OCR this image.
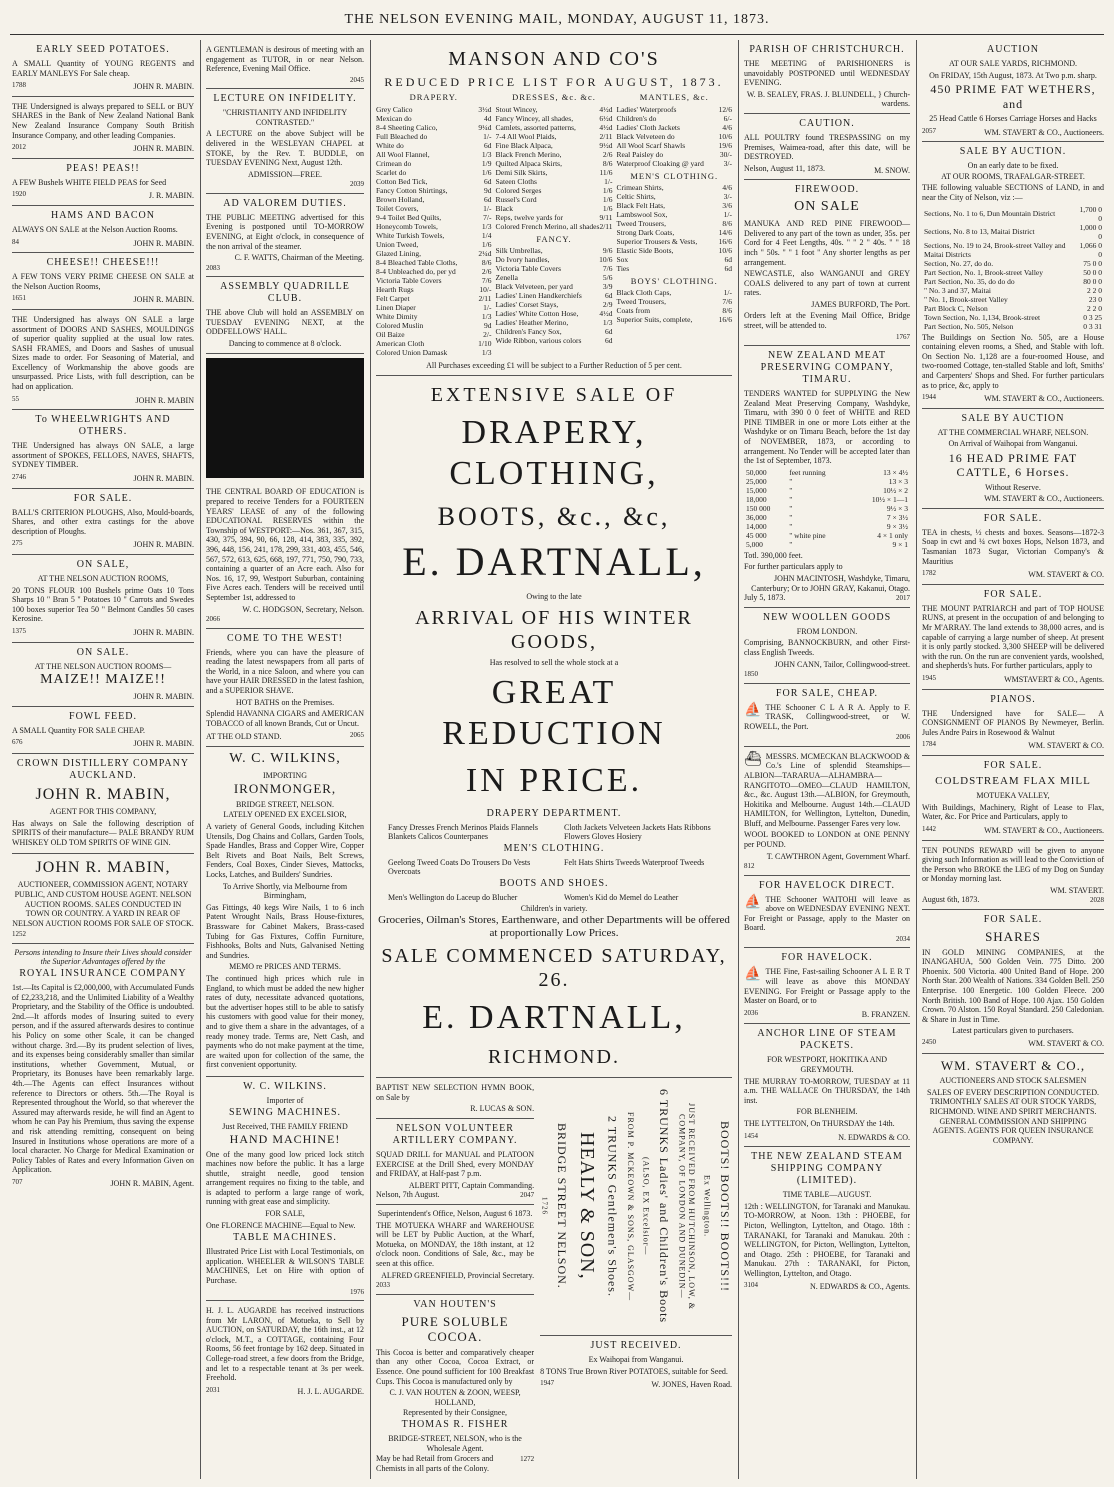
THE NELSON EVENING MAIL, MONDAY, AUGUST 11, 1873.
EARLY SEED POTATOES.
A SMALL Quantity of YOUNG REGENTS and EARLY MANLEYS For Sale cheap.
1788	JOHN R. MABIN.
THE Undersigned is always prepared to SELL or BUY SHARES in the Bank of New Zealand National Bank New Zealand Insurance Company South British Insurance Company, and other leading Companies.
2012	JOHN R. MABIN.
PEAS! PEAS!!
A FEW Bushels WHITE FIELD PEAS for Seed
1920	J. R. MABIN.
HAMS AND BACON
ALWAYS ON SALE at the Nelson Auction Rooms.
84	JOHN R. MABIN.
CHEESE!! CHEESE!!!
A FEW TONS VERY PRIME CHEESE ON SALE at the Nelson Auction Rooms,
1651	JOHN R. MABIN.
THE Undersigned has always ON SALE a large assortment of DOORS AND SASHES, MOULDINGS of superior quality supplied at the usual low rates. SASH FRAMES, and Doors and Sashes of unusual Sizes made to order. For Seasoning of Material, and Excellency of Workmanship the above goods are unsurpassed. Price Lists, with full description, can be had on application.
55	JOHN R. MABIN
To WHEELWRIGHTS AND OTHERS.
THE Undersigned has always ON SALE, a large assortment of SPOKES, FELLOES, NAVES, SHAFTS, SYDNEY TIMBER.
2746	JOHN R. MABIN.
FOR SALE.
BALL'S CRITERION PLOUGHS, Also, Mould-boards, Shares, and other extra castings for the above description of Ploughs.
275	JOHN R. MABIN.
ON SALE,
AT THE NELSON AUCTION ROOMS,
20 TONS FLOUR 100 Bushels prime Oats 10 Tons Sharps 10 " Bran 5 " Potatoes 10 " Carrots and Swedes 100 boxes superior Tea 50 " Belmont Candles 50 cases Kerosine.
1375	JOHN R. MABIN.
ON SALE.
AT THE NELSON AUCTION ROOMS—
MAIZE!! MAIZE!!
JOHN R. MABIN.
FOWL FEED.
A SMALL Quantity FOR SALE CHEAP.
676	JOHN R. MABIN.
CROWN DISTILLERY COMPANY AUCKLAND.
JOHN R. MABIN,
AGENT FOR THIS COMPANY,
Has always on Sale the following description of SPIRITS of their manufacture— PALE BRANDY RUM WHISKEY OLD TOM SPIRITS OF WINE GIN.
JOHN R. MABIN,
AUCTIONEER, COMMISSION AGENT, NOTARY PUBLIC, AND CUSTOM HOUSE AGENT. NELSON AUCTION ROOMS. SALES CONDUCTED IN TOWN OR COUNTRY. A YARD IN REAR OF NELSON AUCTION ROOMS FOR SALE OF STOCK.
1252
Persons intending to Insure their Lives should consider the Superior Advantages offered by the
ROYAL INSURANCE COMPANY
1st.—Its Capital is £2,000,000, with Accumulated Funds of £2,233,218, and the Unlimited Liability of a Wealthy Proprietary, and the Stability of the Office is undoubted. 2nd.—It affords modes of Insuring suited to every person, and if the assured afterwards desires to continue his Policy on some other Scale, it can be changed without charge. 3rd.—By its prudent selection of lives, and its expenses being considerably smaller than similar institutions, whether Government, Mutual, or Proprietary, its Bonuses have been remarkably large. 4th.—The Agents can effect Insurances without reference to Directors or others. 5th.—The Royal is Represented throughout the World, so that wherever the Assured may afterwards reside, he will find an Agent to whom he can Pay his Premium, thus saving the expense and risk attending remitting, consequent on being Insured in Institutions whose operations are more of a local character. No Charge for Medical Examination or Policy Tables of Rates and every Information Given on Application.
707	JOHN R. MABIN, Agent.
A GENTLEMAN is desirous of meeting with an engagement as TUTOR, in or near Nelson. Reference, Evening Mail Office.
2045
LECTURE ON INFIDELITY.
"CHRISTIANITY AND INFIDELITY CONTRASTED."
A LECTURE on the above Subject will be delivered in the WESLEYAN CHAPEL at STOKE, by the Rev. T. BUDDLE, on TUESDAY EVENING Next, August 12th.
ADMISSION—FREE.
2039
AD VALOREM DUTIES.
THE PUBLIC MEETING advertised for this Evening is postponed until TO-MORROW EVENING, at Eight o'clock, in consequence of the non arrival of the steamer.
C. F. WATTS, Chairman of the Meeting.
2083
ASSEMBLY QUADRILLE CLUB.
THE above Club will hold an ASSEMBLY on TUESDAY EVENING NEXT, at the ODDFELLOWS' HALL.
Dancing to commence at 8 o'clock.
THE CENTRAL BOARD OF EDUCATION is prepared to receive Tenders for a FOURTEEN YEARS' LEASE of any of the following EDUCATIONAL RESERVES within the Township of WESTPORT:—Nos. 361, 367, 315, 430, 375, 394, 90, 66, 128, 414, 383, 335, 392, 396, 448, 156, 241, 178, 299, 331, 403, 455, 546, 567, 572, 613, 625, 668, 197, 771, 750, 790, 733, containing a quarter of an Acre each. Also for Nos. 16, 17, 99, Westport Suburban, containing Five Acres each. Tenders will be received until September 1st, addressed to
W. C. HODGSON, Secretary, Nelson.
2066
COME TO THE WEST!
Friends, where you can have the pleasure of reading the latest newspapers from all parts of the World, in a nice Saloon, and where you can have your HAIR DRESSED in the latest fashion, and a SUPERIOR SHAVE.
HOT BATHS on the Premises.
Splendid HAVANNA CIGARS and AMERICAN TOBACCO of all known Brands, Cut or Uncut.
AT THE OLD STAND.	2065
W. C. WILKINS,
IMPORTING
IRONMONGER,
BRIDGE STREET, NELSON.
LATELY OPENED EX EXCELSIOR,
A variety of General Goods, including Kitchen Utensils, Dog Chains and Collars, Garden Tools, Spade Handles, Brass and Copper Wire, Copper Belt Rivets and Boat Nails, Belt Screws, Fenders, Coal Boxes, Cinder Sieves, Mattocks, Locks, Latches, and Builders' Sundries.
To Arrive Shortly, via Melbourne from Birmingham,
Gas Fittings, 40 kegs Wire Nails, 1 to 6 inch Patent Wrought Nails, Brass House-fixtures, Brassware for Cabinet Makers, Brass-cased Tubing for Gas Fixtures, Coffin Furniture, Fishhooks, Bolts and Nuts, Galvanised Netting and Sundries.
MEMO re PRICES AND TERMS.
The continued high prices which rule in England, to which must be added the new higher rates of duty, necessitate advanced quotations, but the advertiser hopes still to be able to satisfy his customers with good value for their money, and to give them a share in the advantages, of a ready money trade. Terms are, Nett Cash, and payments who do not make payment at the time, are waited upon for collection of the same, the first convenient opportunity.
W. C. WILKINS.
Importer of
SEWING MACHINES.
Just Received, THE FAMILY FRIEND
HAND MACHINE!
One of the many good low priced lock stitch machines now before the public. It has a large shuttle, straight needle, good tension arrangement requires no fixing to the table, and is adapted to perform a large range of work, running with great ease and simplicity.
FOR SALE,
One FLORENCE MACHINE—Equal to New.
TABLE MACHINES.
Illustrated Price List with Local Testimonials, on application. WHEELER & WILSON'S TABLE MACHINES, Let on Hire with option of Purchase.
1976
H. J. L. AUGARDE has received instructions from Mr LARON, of Motueka, to Sell by AUCTION, on SATURDAY, the 16th inst., at 12 o'clock, M.T., a COTTAGE, containing Four Rooms, 56 feet frontage by 162 deep. Situated in College-road street, a few doors from the Bridge, and let to a respectable tenant at 3s per week. Freehold.
2031	H. J. L. AUGARDE.
MANSON AND CO'S
REDUCED PRICE LIST FOR AUGUST, 1873.
DRAPERY.
Grey Calico	3½d
Mexican do	4d
8-4 Sheeting Calico,	9¼d
Full Bleached do	1/-
White do	6d
All Wool Flannel,	1/3
Crimean do	1/9
Scarlet do	1/6
Cotton Bed Tick,	6d
Fancy Cotton Shirtings,	9d
Brown Holland,	6d
Toilet Covers,	1/-
9-4 Toilet Bed Quilts,	7/-
Honeycomb Towels,	1/3
White Turkish Towels,	1/4
Union Tweed,	1/6
Glazed Lining,	2¼d
8-4 Bleached Table Cloths,	8/6
8-4 Unbleached do, per yd	2/6
Victoria Table Covers	7/6
Hearth Rugs	10/-
Felt Carpet	2/11
Linen Diaper	1/-
White Dimity	1/3
Colored Muslin	9d
Oil Baize	2/-
American Cloth	1/10
Colored Union Damask	1/3
DRESSES, &c. &c.
Stout Wincey,	4½d
Fancy Wincey, all shades,	6½d
Camlets, assorted patterns,	4½d
7-4 All Wool Plaids,	2/11
Fine Black Alpaca,	9½d
Black French Merino,	2/6
Quilted Alpaca Skirts,	8/6
Demi Silk Skirts,	11/6
Sateen Cloths	1/-
Colored Serges	1/6
Russel's Cord	1/6
Black	1/6
Reps, twelve yards for	9/11
Colored French Merino, all shades 2/11
FANCY.
Silk Umbrellas,	9/6
Do Ivory handles,	10/6
Victoria Table Covers	7/6
Zenella	5/6
Black Velveteen, per yard	3/9
Ladies' Linen Handkerchiefs	6d
Ladies' Corset Stays,	2/9
Ladies' White Cotton Hose,	4½d
Ladies' Heather Merino,	1/3
Children's Fancy Sox,	6d
Wide Ribbon, various colors	6d
MANTLES, &c.
Ladies' Waterproofs	12/6
Children's do	6/-
Ladies' Cloth Jackets	4/6
Black Velveteen do	10/6
All Wool Scarf Shawls	19/6
Real Paisley do	30/-
Waterproof Cloaking @ yard	3/-
MEN'S CLOTHING.
Crimean Shirts,	4/6
Celtic Shirts,	3/-
Black Felt Hats,	3/6
Lambswool Sox,	1/-
Tweed Trousers,	8/6
Strong Dark Coats,	14/6
Superior Trousers & Vests,	16/6
Elastic Side Boots,	10/6
Sox	6d
Ties	6d
BOYS' CLOTHING.
Black Cloth Caps,	1/-
Tweed Trousers,	7/6
Coats from	8/6
Superior Suits, complete,	16/6
All Purchases exceeding £1 will be subject to a Further Reduction of 5 per cent.
EXTENSIVE SALE OF
DRAPERY, CLOTHING,
BOOTS, &c., &c,
E. DARTNALL,
Owing to the late
ARRIVAL OF HIS WINTER GOODS,
Has resolved to sell the whole stock at a
GREAT REDUCTION
IN PRICE.
DRAPERY DEPARTMENT.
Fancy Dresses French Merinos Plaids Flannels Blankets Calicos Counterpanes
Cloth Jackets Velveteen Jackets Hats Ribbons Flowers Gloves Hosiery
MEN'S CLOTHING.
Geelong Tweed Coats Do Trousers Do Vests Overcoats
Felt Hats Shirts Tweeds Waterproof Tweeds
BOOTS AND SHOES.
Men's Wellington do Laceup do Blucher	Women's Kid do Memel do Leather
Children's in variety.
Groceries, Oilman's Stores, Earthenware, and other Departments will be offered at proportionally Low Prices.
SALE COMMENCED SATURDAY, 26.
E. DARTNALL,
RICHMOND.
BAPTIST NEW SELECTION HYMN BOOK, on Sale by
R. LUCAS & SON.
NELSON VOLUNTEER ARTILLERY COMPANY.
SQUAD DRILL for MANUAL and PLATOON EXERCISE at the Drill Shed, every MONDAY and FRIDAY, at Half-past 7 p.m.
ALBERT PITT, Captain Commanding.
Nelson, 7th August.	2047
Superintendent's Office, Nelson, August 6 1873.
THE MOTUEKA WHARF and WAREHOUSE will be LET by Public Auction, at the Wharf, Motueka, on MONDAY, the 18th instant, at 12 o'clock noon. Conditions of Sale, &c., may be seen at this office.
ALFRED GREENFIELD, Provincial Secretary.
2033
VAN HOUTEN'S
PURE SOLUBLE COCOA.
This Cocoa is better and comparatively cheaper than any other Cocoa, Cocoa Extract, or Essence. One pound sufficient for 100 Breakfast Cups. This Cocoa is manufactured only by
C. J. VAN HOUTEN & ZOON, WEESP, HOLLAND,
Represented by their Consignee,
THOMAS R. FISHER
BRIDGE-STREET, NELSON, who is the Wholesale Agent.
May be had Retail from Grocers and Chemists in all parts of the Colony.
1272
1726 BRIDGE STREET NELSON. HEALY & SON, 2 TRUNKS Gentlemen's Shoes. FROM P. MCKEOWN & SONS, GLASGOW— (ALSO, EX Excelsior— 6 TRUNKS Ladies' and Children's Boots	JUST RECEIVED FROM HUTCHINSON, LOW, & COMPANY, OF LONDON AND DUNEDIN—	Ex Wellington. BOOTS! BOOTS!! BOOTS!!!
JUST RECEIVED.
Ex Waihopai from Wanganui.
8 TONS True Brown River POTATOES, suitable for Seed.
1947	W. JONES, Haven Road.
PARISH OF CHRISTCHURCH.
THE MEETING of PARISHIONERS is unavoidably POSTPONED until WEDNESDAY EVENING.
W. B. SEALEY, FRAS. J. BLUNDELL, } Church-wardens.
CAUTION.
ALL POULTRY found TRESPASSING on my Premises, Waimea-road, after this date, will be DESTROYED.
Nelson, August 11, 1873.	M. SNOW.
FIREWOOD.
ON SALE
MANUKA AND RED PINE FIREWOOD—Delivered to any part of the town as under, 35s. per Cord for 4 Feet Lengths, 40s. " " 2 " 40s. " " 18 inch " 50s. " " 1 foot " Any shorter lengths as per arrangement.
NEWCASTLE, also WANGANUI and GREY COALS delivered to any part of town at current rates.
JAMES BURFORD, The Port.
Orders left at the Evening Mail Office, Bridge street, will be attended to.
1767
NEW ZEALAND MEAT PRESERVING COMPANY, TIMARU.
TENDERS WANTED for SUPPLYING the New Zealand Meat Preserving Company, Washdyke, Timaru, with 390 0 0 feet of WHITE and RED PINE TIMBER in one or more Lots either at the Washdyke or on Timaru Beach, before the 1st day of NOVEMBER, 1873, or according to arrangement. No Tender will be accepted later than the 1st of September, 1873.
50,000	feet running	13 × 4½
25,000	"	13 × 3
15,000	"	10½ × 2
18,000	"	10½ × 1—1
150 000	"	9½ × 3
36,000	"	7 × 3½
14,000	"	9 × 3½
45 000	" white pine	4 × 1 only
5,000	"	9 × 1
Totl. 390,000 feet.
For further particulars apply to
JOHN MACINTOSH, Washdyke, Timaru, Canterbury; Or to JOHN GRAY, Kakanui, Otago.
July 5, 1873.	2017
NEW WOOLLEN GOODS
FROM LONDON.
Comprising, BANNOCKBURN, and other First-class English Tweeds.
JOHN CANN, Tailor, Collingwood-street.
1850
FOR SALE, CHEAP.
⛵ THE Schooner C L A R A. Apply to F. TRASK, Collingwood-street, or W. ROWELL, the Port.
2006
⛴ MESSRS. MCMECKAN BLACKWOOD & Co.'s Line of splendid Steamships—ALBION—TARARUA—ALHAMBRA—RANGITOTO—OMEO—CLAUD HAMILTON, &c., &c. August 13th.—ALBION, for Greymouth, Hokitika and Melbourne. August 14th.—CLAUD HAMILTON, for Wellington, Lyttelton, Dunedin, Bluff, and Melbourne. Passenger Fares very low.
WOOL BOOKED to LONDON at ONE PENNY per POUND.
T. CAWTHRON Agent, Government Wharf.
812
FOR HAVELOCK DIRECT.
⛵ THE Schooner WAITOHI will leave as above on WEDNESDAY EVENING NEXT. For Freight or Passage, apply to the Master on Board.
2034
FOR HAVELOCK.
⛵ THE Fine, Fast-sailing Schooner A L E R T will leave as above this MONDAY EVENING. For Freight or Passage apply to the Master on Board, or to
2036	B. FRANZEN.
ANCHOR LINE OF STEAM PACKETS.
FOR WESTPORT, HOKITIKA AND GREYMOUTH.
THE MURRAY TO-MORROW, TUESDAY at 11 a.m. THE WALLACE On THURSDAY, the 14th inst.
FOR BLENHEIM.
THE LYTTELTON, On THURSDAY the 14th.
1454	N. EDWARDS & CO.
THE NEW ZEALAND STEAM SHIPPING COMPANY (LIMITED).
TIME TABLE—AUGUST.
12th : WELLINGTON, for Taranaki and Manukau. TO-MORROW, at Noon. 13th : PHOEBE, for Picton, Wellington, Lyttelton, and Otago. 18th : TARANAKI, for Taranaki and Manukau. 20th : WELLINGTON, for Picton, Wellington, Lyttelton, and Otago. 25th : PHOEBE, for Taranaki and Manukau. 27th : TARANAKI, for Picton, Wellington, Lyttelton, and Otago.
3104	N. EDWARDS & CO., Agents.
AUCTION
AT OUR SALE YARDS, RICHMOND.
On FRIDAY, 15th August, 1873. At Two p.m. sharp.
450 PRIME FAT WETHERS, and
25 Head Cattle 6 Horses Carriage Horses and Hacks
2057	WM. STAVERT & CO., Auctioneers.
SALE BY AUCTION.
On an early date to be fixed.
AT OUR ROOMS, TRAFALGAR-STREET.
THE following valuable SECTIONS of LAND, in and near the City of Nelson, viz :—
Sections, No. 1 to 6, Dun Mountain District	1,700 0 0
Sections, No. 8 to 13, Maitai District	1,000 0 0
Sections, No. 19 to 24, Brook-street Valley and Maitai Districts	1,066 0 0
Section, No. 27, do do.	75 0 0
Part Section, No. 1, Brook-street Valley	50 0 0
Part Section, No. 35, do do do	80 0 0
" No. 3 and 37, Maitai	2 2 0
" No. 1, Brook-street Valley	23 0
Part Block C, Nelson	2 2 0
Town Section, No. 1,134, Brook-street	0 3 25
Part Section, No. 505, Nelson	0 3 31
The Buildings on Section No. 505, are a House containing eleven rooms, a Shed, and Stable with loft. On Section No. 1,128 are a four-roomed House, and two-roomed Cottage, ten-stalled Stable and loft, Smiths' and Carpenters' Shops and Shed. For further particulars as to price, &c, apply to
1944	WM. STAVERT & CO., Auctioneers.
SALE BY AUCTION
AT THE COMMERCIAL WHARF, NELSON.
On Arrival of Waihopai from Wanganui.
16 HEAD PRIME FAT CATTLE, 6 Horses.
Without Reserve.
WM. STAVERT & CO., Auctioneers.
FOR SALE.
TEA in chests, ½ chests and boxes. Seasons—1872-3 Soap in cwt and ¼ cwt boxes Hops, Nelson 1873, and Tasmanian 1873 Sugar, Victorian Company's & Mauritius
1782	WM. STAVERT & CO.
FOR SALE.
THE MOUNT PATRIARCH and part of TOP HOUSE RUNS, at present in the occupation of and belonging to Mr M'ARRAY. The land extends to 38,000 acres, and is capable of carrying a large number of sheep. At present it is only partly stocked. 3,300 SHEEP will be delivered with the run. On the run are convenient yards, woolshed, and shepherds's huts. For further particulars, apply to
1945	WMSTAVERT & CO., Agents.
PIANOS.
THE Undersigned have for SALE— A CONSIGNMENT OF PIANOS By Newmeyer, Berlin. Jules Andre Pairs in Rosewood & Walnut
1784	WM. STAVERT & CO.
FOR SALE.
COLDSTREAM FLAX MILL
MOTUEKA VALLEY,
With Buildings, Machinery, Right of Lease to Flax, Water, &c. For Price and Particulars, apply to
1442	WM. STAVERT & CO., Auctioneers.
TEN POUNDS REWARD will be given to anyone giving such Information as will lead to the Conviction of the Person who BROKE the LEG of my Dog on Sunday or Monday morning last.
WM. STAVERT.
August 6th, 1873.	2028
FOR SALE.
SHARES
IN GOLD MINING COMPANIES, at the INANGAHUA, 500 Golden Vein. 775 Ditto. 200 Phoenix. 500 Victoria. 400 United Band of Hope. 200 North Star. 200 Wealth of Nations. 334 Golden Bell. 250 Enterprise. 100 Energetic. 100 Golden Fleece. 200 North British. 100 Band of Hope. 100 Ajax. 150 Golden Crown. 70 Alston. 150 Royal Standard. 250 Caledonian. & Share in Just in Time.
Latest particulars given to purchasers.
2450	WM. STAVERT & CO.
WM. STAVERT & CO.,
AUCTIONEERS AND STOCK SALESMEN
SALES OF EVERY DESCRIPTION CONDUCTED. TRIMONTHLY SALES AT OUR STOCK YARDS, RICHMOND. WINE AND SPIRIT MERCHANTS. GENERAL COMMISSION AND SHIPPING AGENTS. AGENTS FOR QUEEN INSURANCE COMPANY.
